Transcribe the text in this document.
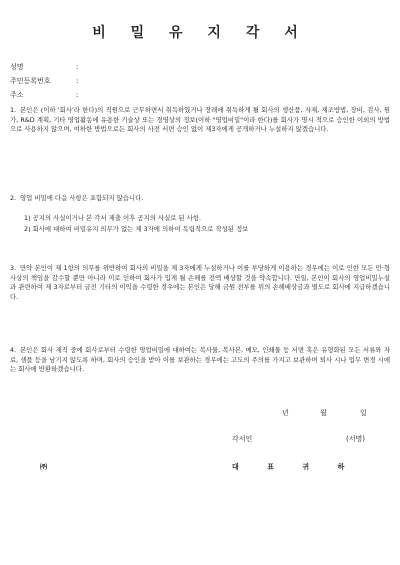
비 밀 유 지 각 서
성명	:
주민등록번호	:
주소	:

1. 본인은 (이하 '회사'라 한다)의 직원으로 근무하면서 취득하였거나 장래에 취득하게 될 회사의 생산품, 자재, 제조방법, 장비, 검사, 원가, R&D 계획, 기타 영업활동에 유용한 기술상 또는 경영상의 정보(이하 "영업비밀"이라 한다)를 회사가 명시 적으로 승인한 이외의 방법으로 사용하지 않으며, 여하한 방법으로든 회사의 사전 서면 승인 없이 제3자에게 공개하거나 누설하지 않겠습니다.

2. 영업 비밀에 다음 사항은 포함되지 않습니다.

1) 공지의 사실이거나 본 각서 제출 이후 공지의 사실로 된 사항.
2) 회사에 대하여 비밀유지 의무가 없는 제 3자에 의하여 독립적으로 작성된 정보

3. 만약 본인이 제 1항의 의무를 위반하여 회사의 비밀을 제 3자에게 누설하거나 이를 부당하게 이용하는 경우에는 이로 인한 모든 민·형사상의 책임을 감수할 뿐만 아니라 이로 인하여 회사가 입게 될 손해를 전액 배상할 것을 약속합니다. 만일, 본인이 회사의 영업비밀누설과 관련하여 제 3자로부터 금전 기타의 이익을 수령한 경우에는 본인은 당해 금원 전부를 위의 손해배상금과 별도로 회사에 지급하겠습니다.

4. 본인은 회사 재직 중에 회사로부터 수령한 영업비밀에 대하여는 복사물, 복사본, 메모, 인쇄물 등 서면 혹은 유형화된 모든 서류와 자료, 샘플 등을 남기지 않도록 하며, 회사의 승인을 받아 이를 보관하는 경우에는 고도의 주의를 가지고 보관하며 퇴사 시나 업무 변경 시에는 회사에 반환하겠습니다.

년	월	일
각서인	(서명)
㈜	대 표 귀 하
